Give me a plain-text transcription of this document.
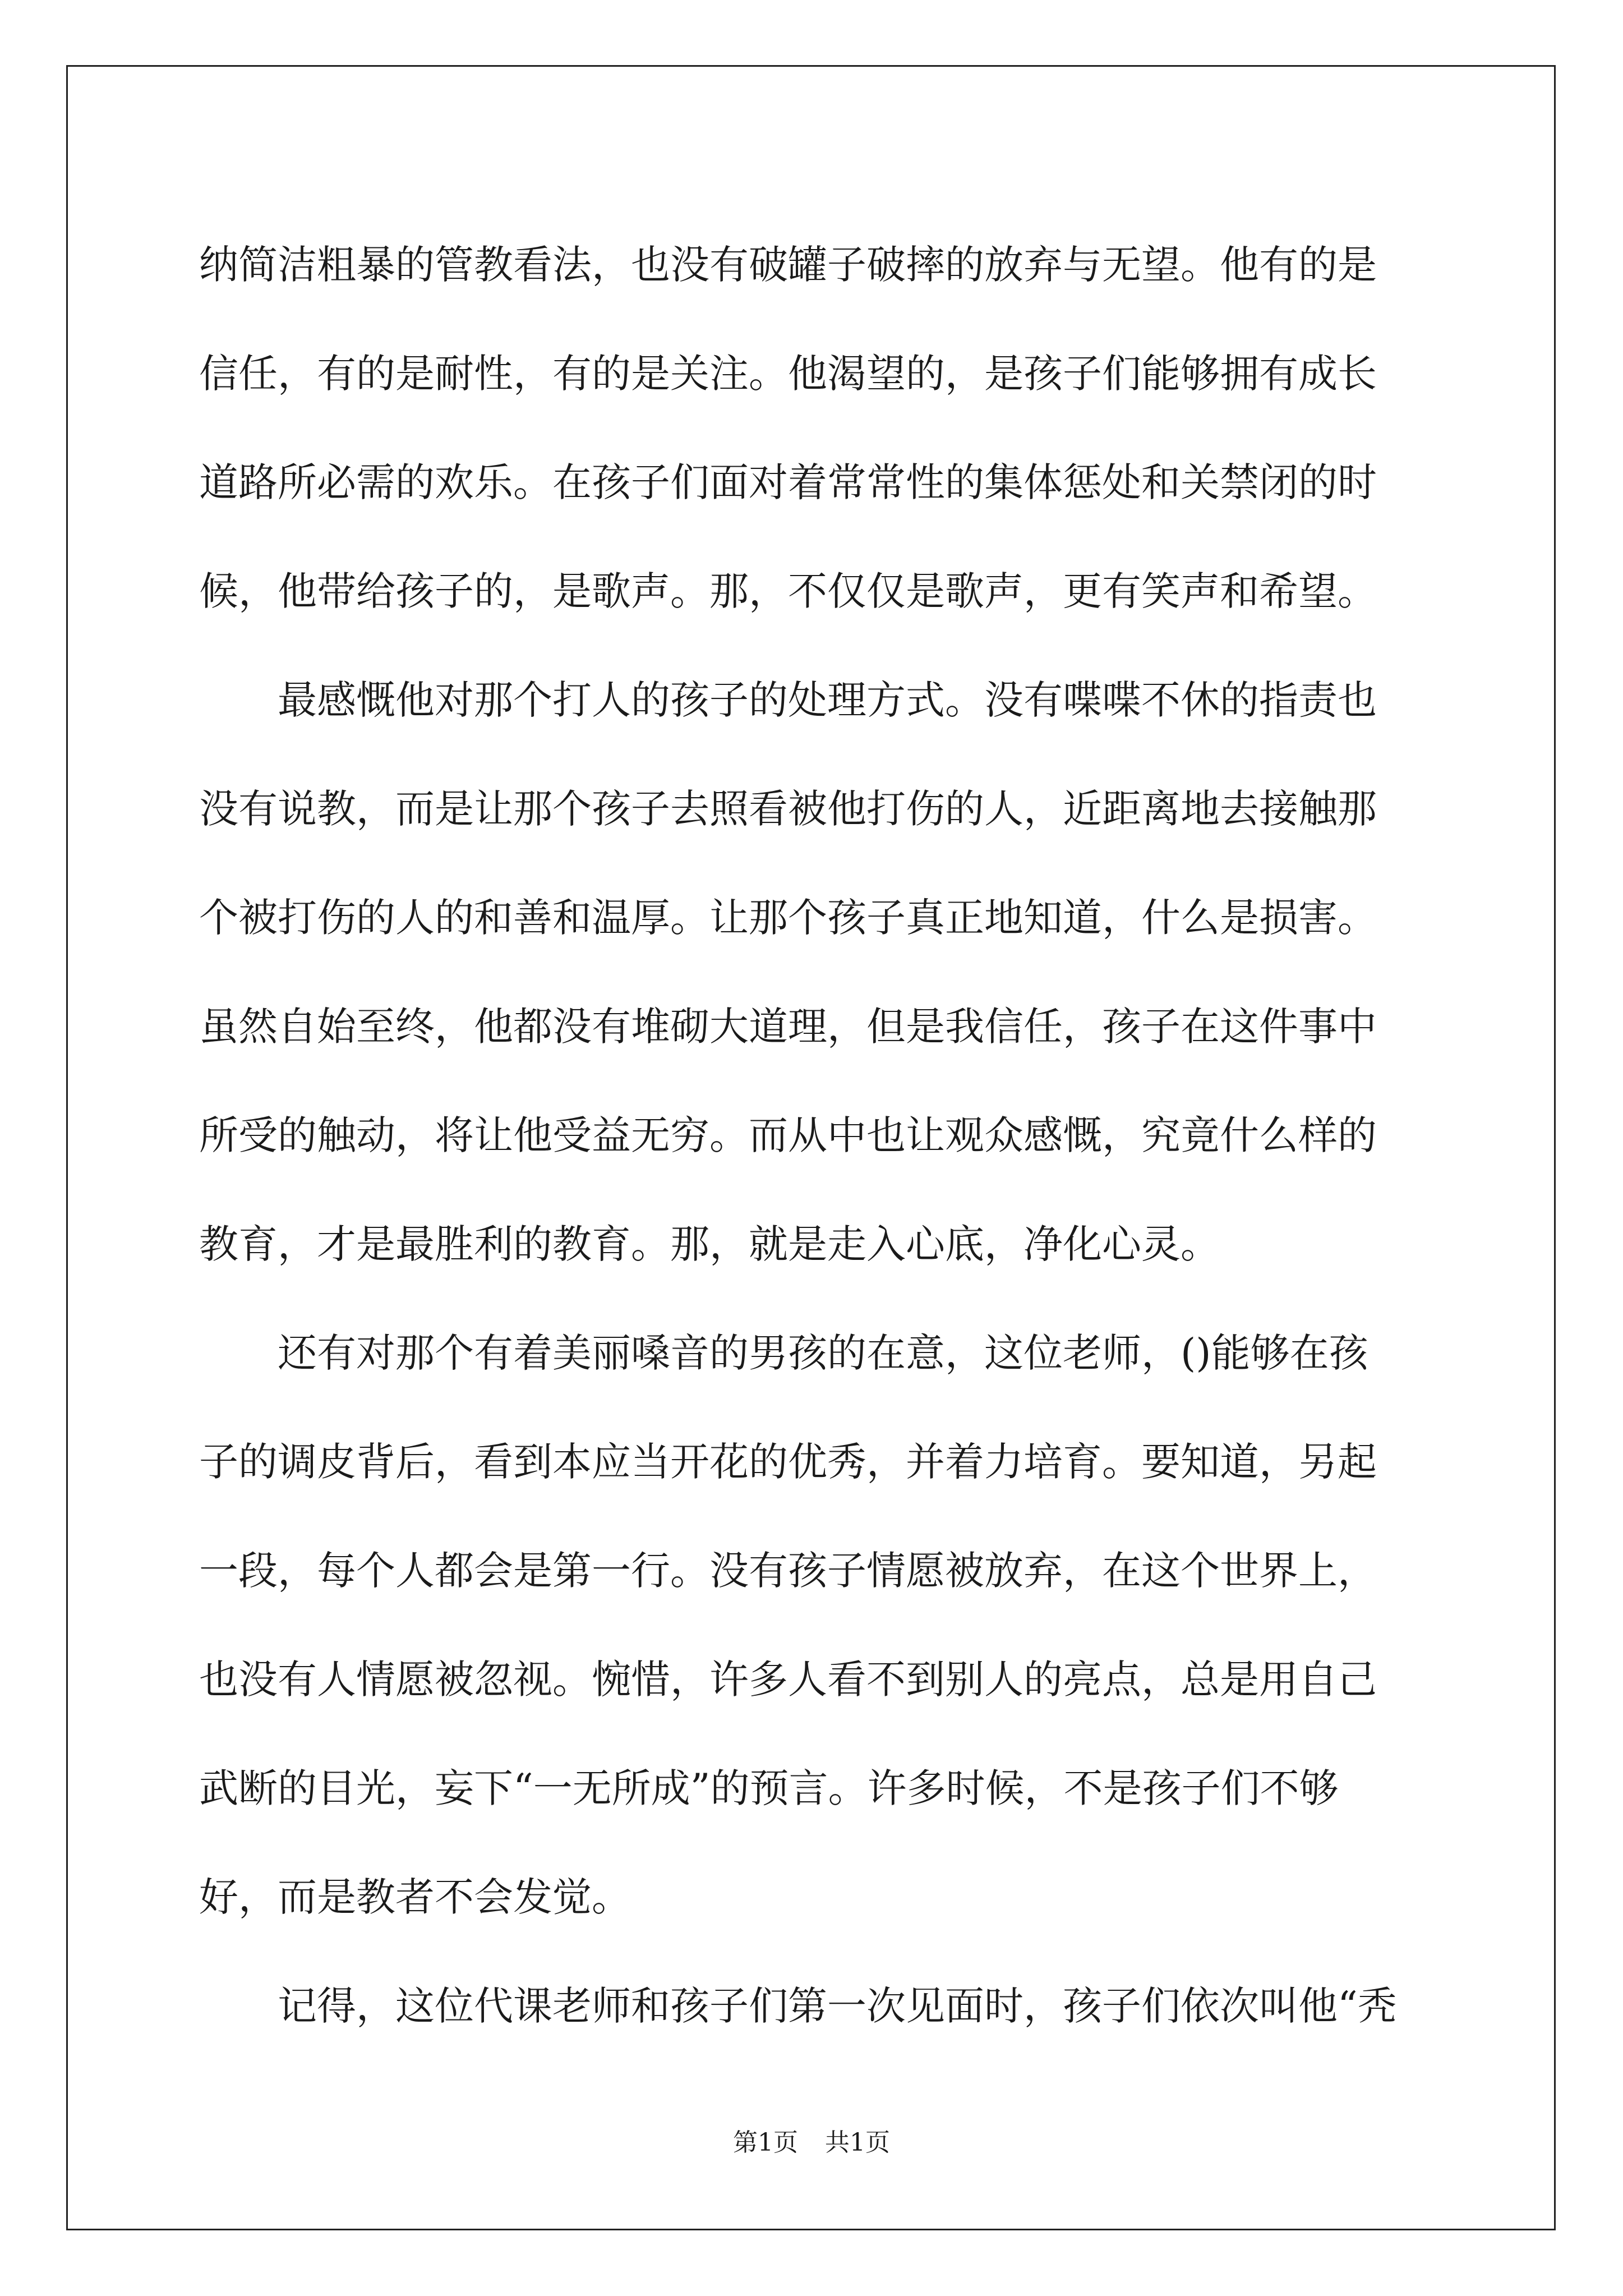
纳简洁粗暴的管教看法，也没有破罐子破摔的放弃与无望。他有的是
信任，有的是耐性，有的是关注。他渴望的，是孩子们能够拥有成长
道路所必需的欢乐。在孩子们面对着常常性的集体惩处和关禁闭的时
候，他带给孩子的，是歌声。那，不仅仅是歌声，更有笑声和希望。
最感慨他对那个打人的孩子的处理方式。没有喋喋不休的指责也
没有说教，而是让那个孩子去照看被他打伤的人，近距离地去接触那
个被打伤的人的和善和温厚。让那个孩子真正地知道，什么是损害。
虽然自始至终，他都没有堆砌大道理，但是我信任，孩子在这件事中
所受的触动，将让他受益无穷。而从中也让观众感慨，究竟什么样的
教育，才是最胜利的教育。那，就是走入心底，净化心灵。
还有对那个有着美丽嗓音的男孩的在意，这位老师，()能够在孩
子的调皮背后，看到本应当开花的优秀，并着力培育。要知道，另起
一段，每个人都会是第一行。没有孩子情愿被放弃，在这个世界上，
也没有人情愿被忽视。惋惜，许多人看不到别人的亮点，总是用自己
武断的目光，妄下“一无所成”的预言。许多时候，不是孩子们不够
好，而是教者不会发觉。
记得，这位代课老师和孩子们第一次见面时，孩子们依次叫他“秃
第1页 共1页
